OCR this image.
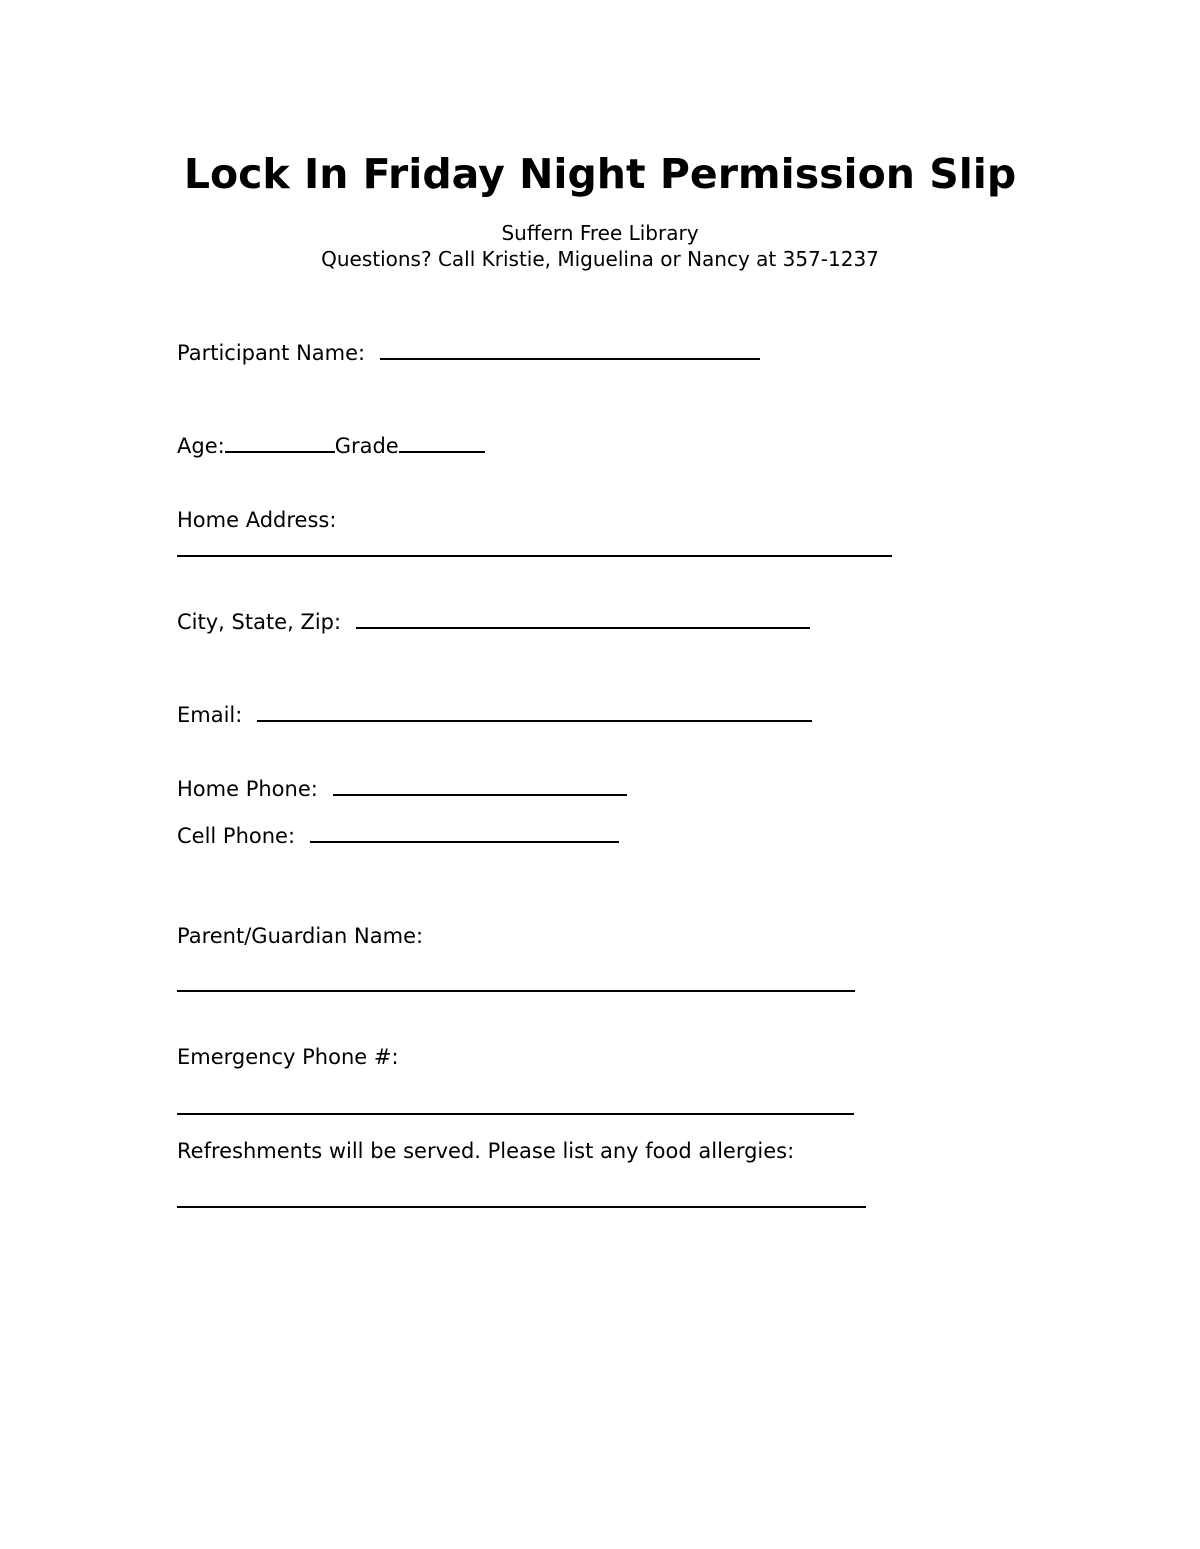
Lock In Friday Night Permission Slip
Suffern Free Library
Questions? Call Kristie, Miguelina or Nancy at 357-1237
Participant Name:
Age:	Grade
Home Address:
City, State, Zip:
Email:
Home Phone:
Cell Phone:
Parent/Guardian Name:
Emergency Phone #:
Refreshments will be served. Please list any food allergies:
